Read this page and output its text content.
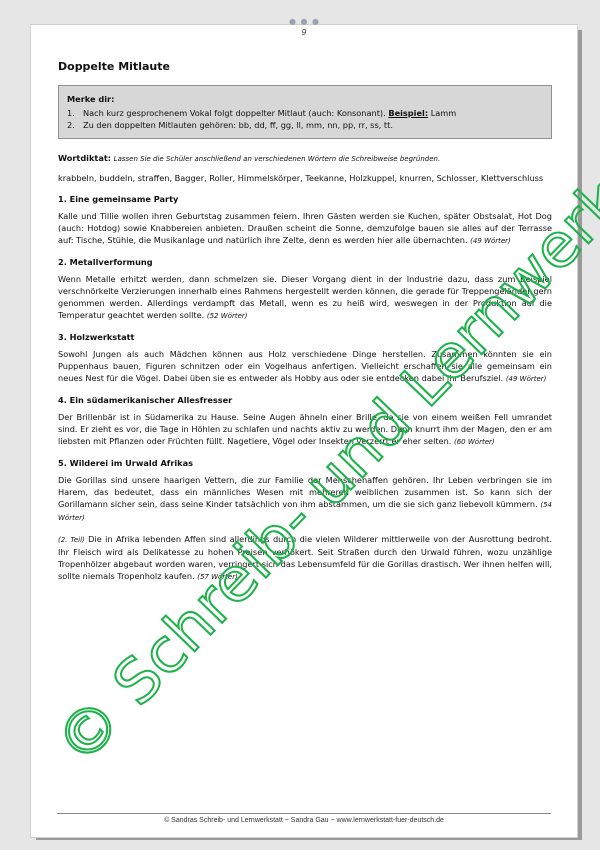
9
Doppelte Mitlaute
Merke dir:
1. Nach kurz gesprochenem Vokal folgt doppelter Mitlaut (auch: Konsonant). Beispiel: Lamm
2. Zu den doppelten Mitlauten gehören: bb, dd, ff, gg, ll, mm, nn, pp, rr, ss, tt.
Wortdiktat: Lassen Sie die Schüler anschließend an verschiedenen Wörtern die Schreibweise begründen.
krabbeln, buddeln, straffen, Bagger, Roller, Himmelskörper, Teekanne, Holzkuppel, knurren, Schlosser, Klettverschluss
1. Eine gemeinsame Party

Kalle und Tillie wollen ihren Geburtstag zusammen feiern. Ihren Gästen werden sie Kuchen, später Obstsalat, Hot Dog (auch: Hotdog) sowie Knabbereien anbieten. Draußen scheint die Sonne, demzufolge bauen sie alles auf der Terrasse auf: Tische, Stühle, die Musikanlage und natürlich ihre Zelte, denn es werden hier alle übernachten. (49 Wörter)

2. Metallverformung

Wenn Metalle erhitzt werden, dann schmelzen sie. Dieser Vorgang dient in der Industrie dazu, dass zum Beispiel verschnörkelte Verzierungen innerhalb eines Rahmens hergestellt werden können, die gerade für Treppengeländer gern genommen werden. Allerdings verdampft das Metall, wenn es zu heiß wird, weswegen in der Produktion auf die Temperatur geachtet werden sollte. (52 Wörter)

3. Holzwerkstatt

Sowohl Jungen als auch Mädchen können aus Holz verschiedene Dinge herstellen. Zusammen könnten sie ein Puppenhaus bauen, Figuren schnitzen oder ein Vogelhaus anfertigen. Vielleicht erschaffen sie alle gemeinsam ein neues Nest für die Vögel. Dabei üben sie es entweder als Hobby aus oder sie entdecken dabei ihr Berufsziel. (49 Wörter)

4. Ein südamerikanischer Allesfresser

Der Brillenbär ist in Südamerika zu Hause. Seine Augen ähneln einer Brille, da sie von einem weißen Fell umrandet sind. Er zieht es vor, die Tage in Höhlen zu schlafen und nachts aktiv zu werden. Dann knurrt ihm der Magen, den er am liebsten mit Pflanzen oder Früchten füllt. Nagetiere, Vögel oder Insekten verzerrt er eher selten. (60 Wörter)

5. Wilderei im Urwald Afrikas

Die Gorillas sind unsere haarigen Vettern, die zur Familie der Menschenaffen gehören. Ihr Leben verbringen sie im Harem, das bedeutet, dass ein männliches Wesen mit mehreren weiblichen zusammen ist. So kann sich der Gorillamann sicher sein, dass seine Kinder tatsächlich von ihm abstammen, um die sie sich ganz liebevoll kümmern. (54 Wörter)

(2. Teil) Die in Afrika lebenden Affen sind allerdings durch die vielen Wilderer mittlerweile von der Ausrottung bedroht. Ihr Fleisch wird als Delikatesse zu hohen Preisen verhökert. Seit Straßen durch den Urwald führen, wozu unzählige Tropenhölzer abgebaut worden waren, verringert sich das Lebensumfeld für die Gorillas drastisch. Wer ihnen helfen will, sollte niemals Tropenholz kaufen. (57 Wörter)

© Sandras Schreib- und Lernwerkstatt ~ Sandra Gau ~ www.lernwerkstatt-fuer-deutsch.de
● ● ●
